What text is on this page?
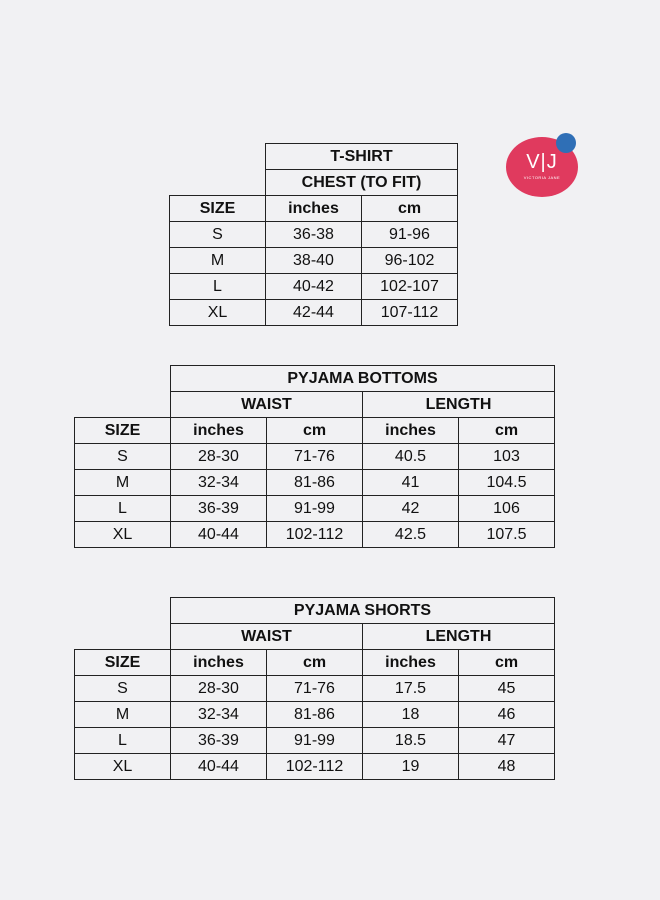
V|J
VICTORIA JANE
	T-SHIRT	
	CHEST (TO FIT)	
SIZE	inches	cm
S	36-38	91-96
M	38-40	96-102
L	40-42	102-107
XL	42-44	107-112
	PYJAMA BOTTOMS			
	WAIST		LENGTH	
SIZE	inches	cm	inches	cm
S	28-30	71-76	40.5	103
M	32-34	81-86	41	104.5
L	36-39	91-99	42	106
XL	40-44	102-112	42.5	107.5
	PYJAMA SHORTS			
	WAIST		LENGTH	
SIZE	inches	cm	inches	cm
S	28-30	71-76	17.5	45
M	32-34	81-86	18	46
L	36-39	91-99	18.5	47
XL	40-44	102-112	19	48
